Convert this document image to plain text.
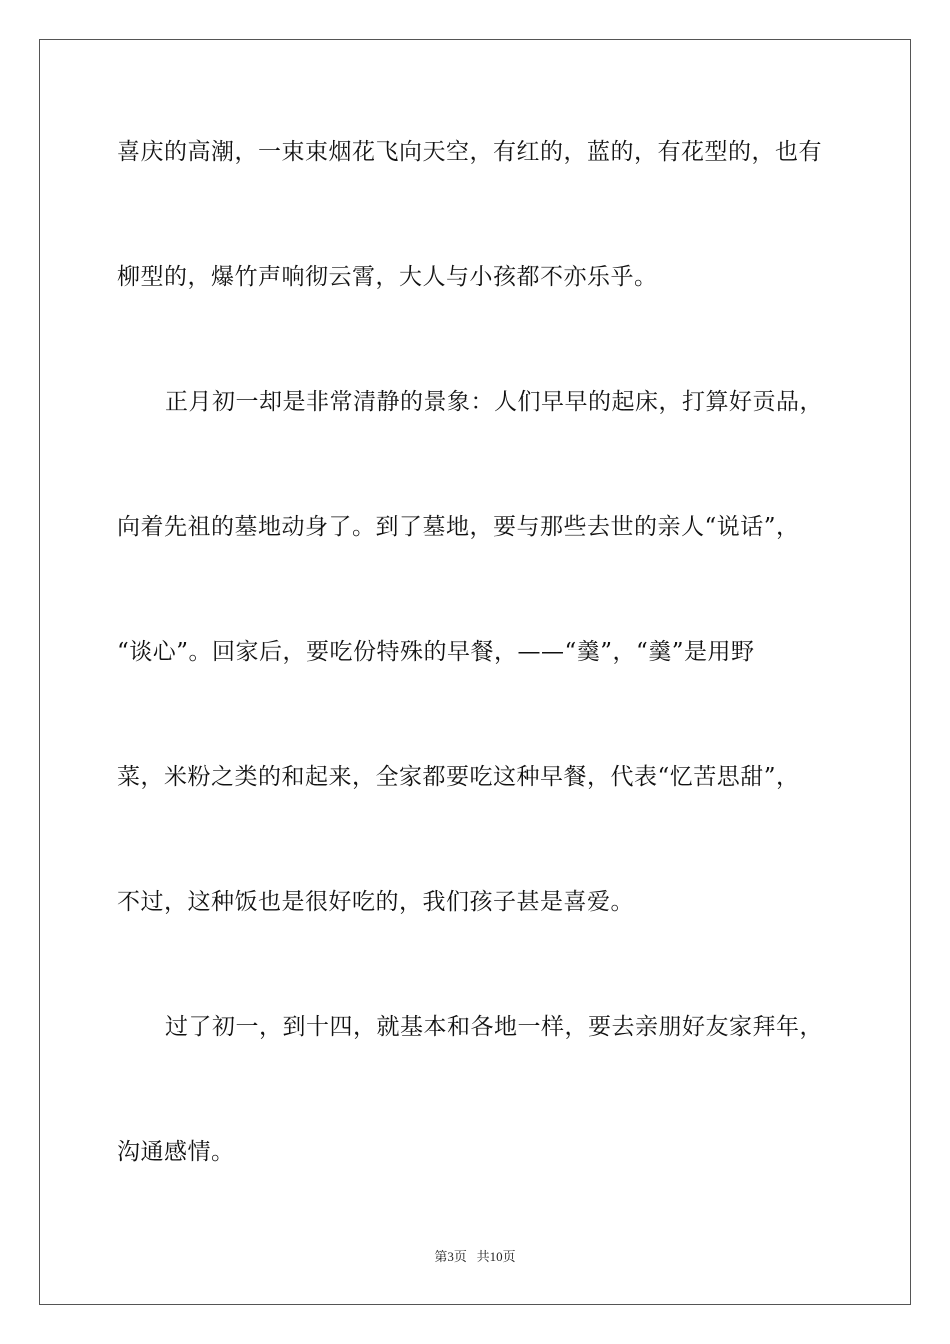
喜庆的高潮，一束束烟花飞向天空，有红的，蓝的，有花型的，也有
柳型的，爆竹声响彻云霄，大人与小孩都不亦乐乎。
正月初一却是非常清静的景象：人们早早的起床，打算好贡品，
向着先祖的墓地动身了。到了墓地，要与那些去世的亲人“说话”，
“谈心”。回家后，要吃份特殊的早餐，——“羹”，“羹”是用野
菜，米粉之类的和起来，全家都要吃这种早餐，代表“忆苦思甜”，
不过，这种饭也是很好吃的，我们孩子甚是喜爱。
过了初一，到十四，就基本和各地一样，要去亲朋好友家拜年，
沟通感情。
第3页 共10页
